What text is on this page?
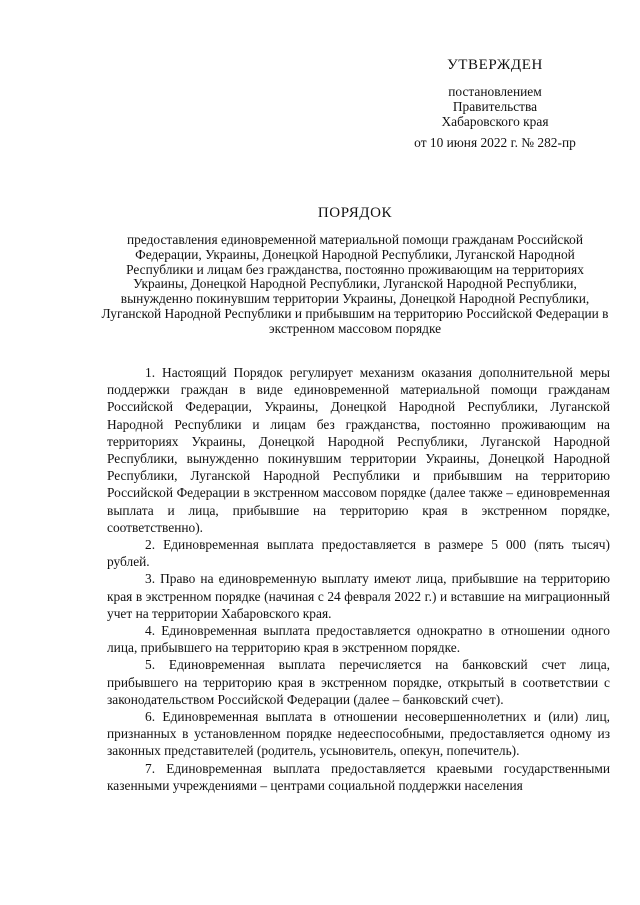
УТВЕРЖДЕН
постановлением
Правительства
Хабаровского края
от 10 июня 2022 г. № 282-пр
ПОРЯДОК
предоставления единовременной материальной помощи гражданам Российской Федерации, Украины, Донецкой Народной Республики, Луганской Народной Республики и лицам без гражданства, постоянно проживающим на территориях Украины, Донецкой Народной Республики, Луганской Народной Республики, вынужденно покинувшим территории Украины, Донецкой Народной Республики, Луганской Народной Республики и прибывшим на территорию Российской Федерации в экстренном массовом порядке

1. Настоящий Порядок регулирует механизм оказания дополнительной меры поддержки граждан в виде единовременной материальной помощи гражданам Российской Федерации, Украины, Донецкой Народной Республики, Луганской Народной Республики и лицам без гражданства, постоянно проживающим на территориях Украины, Донецкой Народной Республики, Луганской Народной Республики, вынужденно покинувшим территории Украины, Донецкой Народной Республики, Луганской Народной Республики и прибывшим на территорию Российской Федерации в экстренном массовом порядке (далее также – единовременная выплата и лица, прибывшие на территорию края в экстренном порядке, соответственно).

2. Единовременная выплата предоставляется в размере 5 000 (пять тысяч) рублей.

3. Право на единовременную выплату имеют лица, прибывшие на территорию края в экстренном порядке (начиная с 24 февраля 2022 г.) и вставшие на миграционный учет на территории Хабаровского края.

4. Единовременная выплата предоставляется однократно в отношении одного лица, прибывшего на территорию края в экстренном порядке.

5. Единовременная выплата перечисляется на банковский счет лица, прибывшего на территорию края в экстренном порядке, открытый в соответствии с законодательством Российской Федерации (далее – банковский счет).

6. Единовременная выплата в отношении несовершеннолетних и (или) лиц, признанных в установленном порядке недееспособными, предоставляется одному из законных представителей (родитель, усыновитель, опекун, попечитель).

7. Единовременная выплата предоставляется краевыми государственными казенными учреждениями – центрами социальной поддержки населения
